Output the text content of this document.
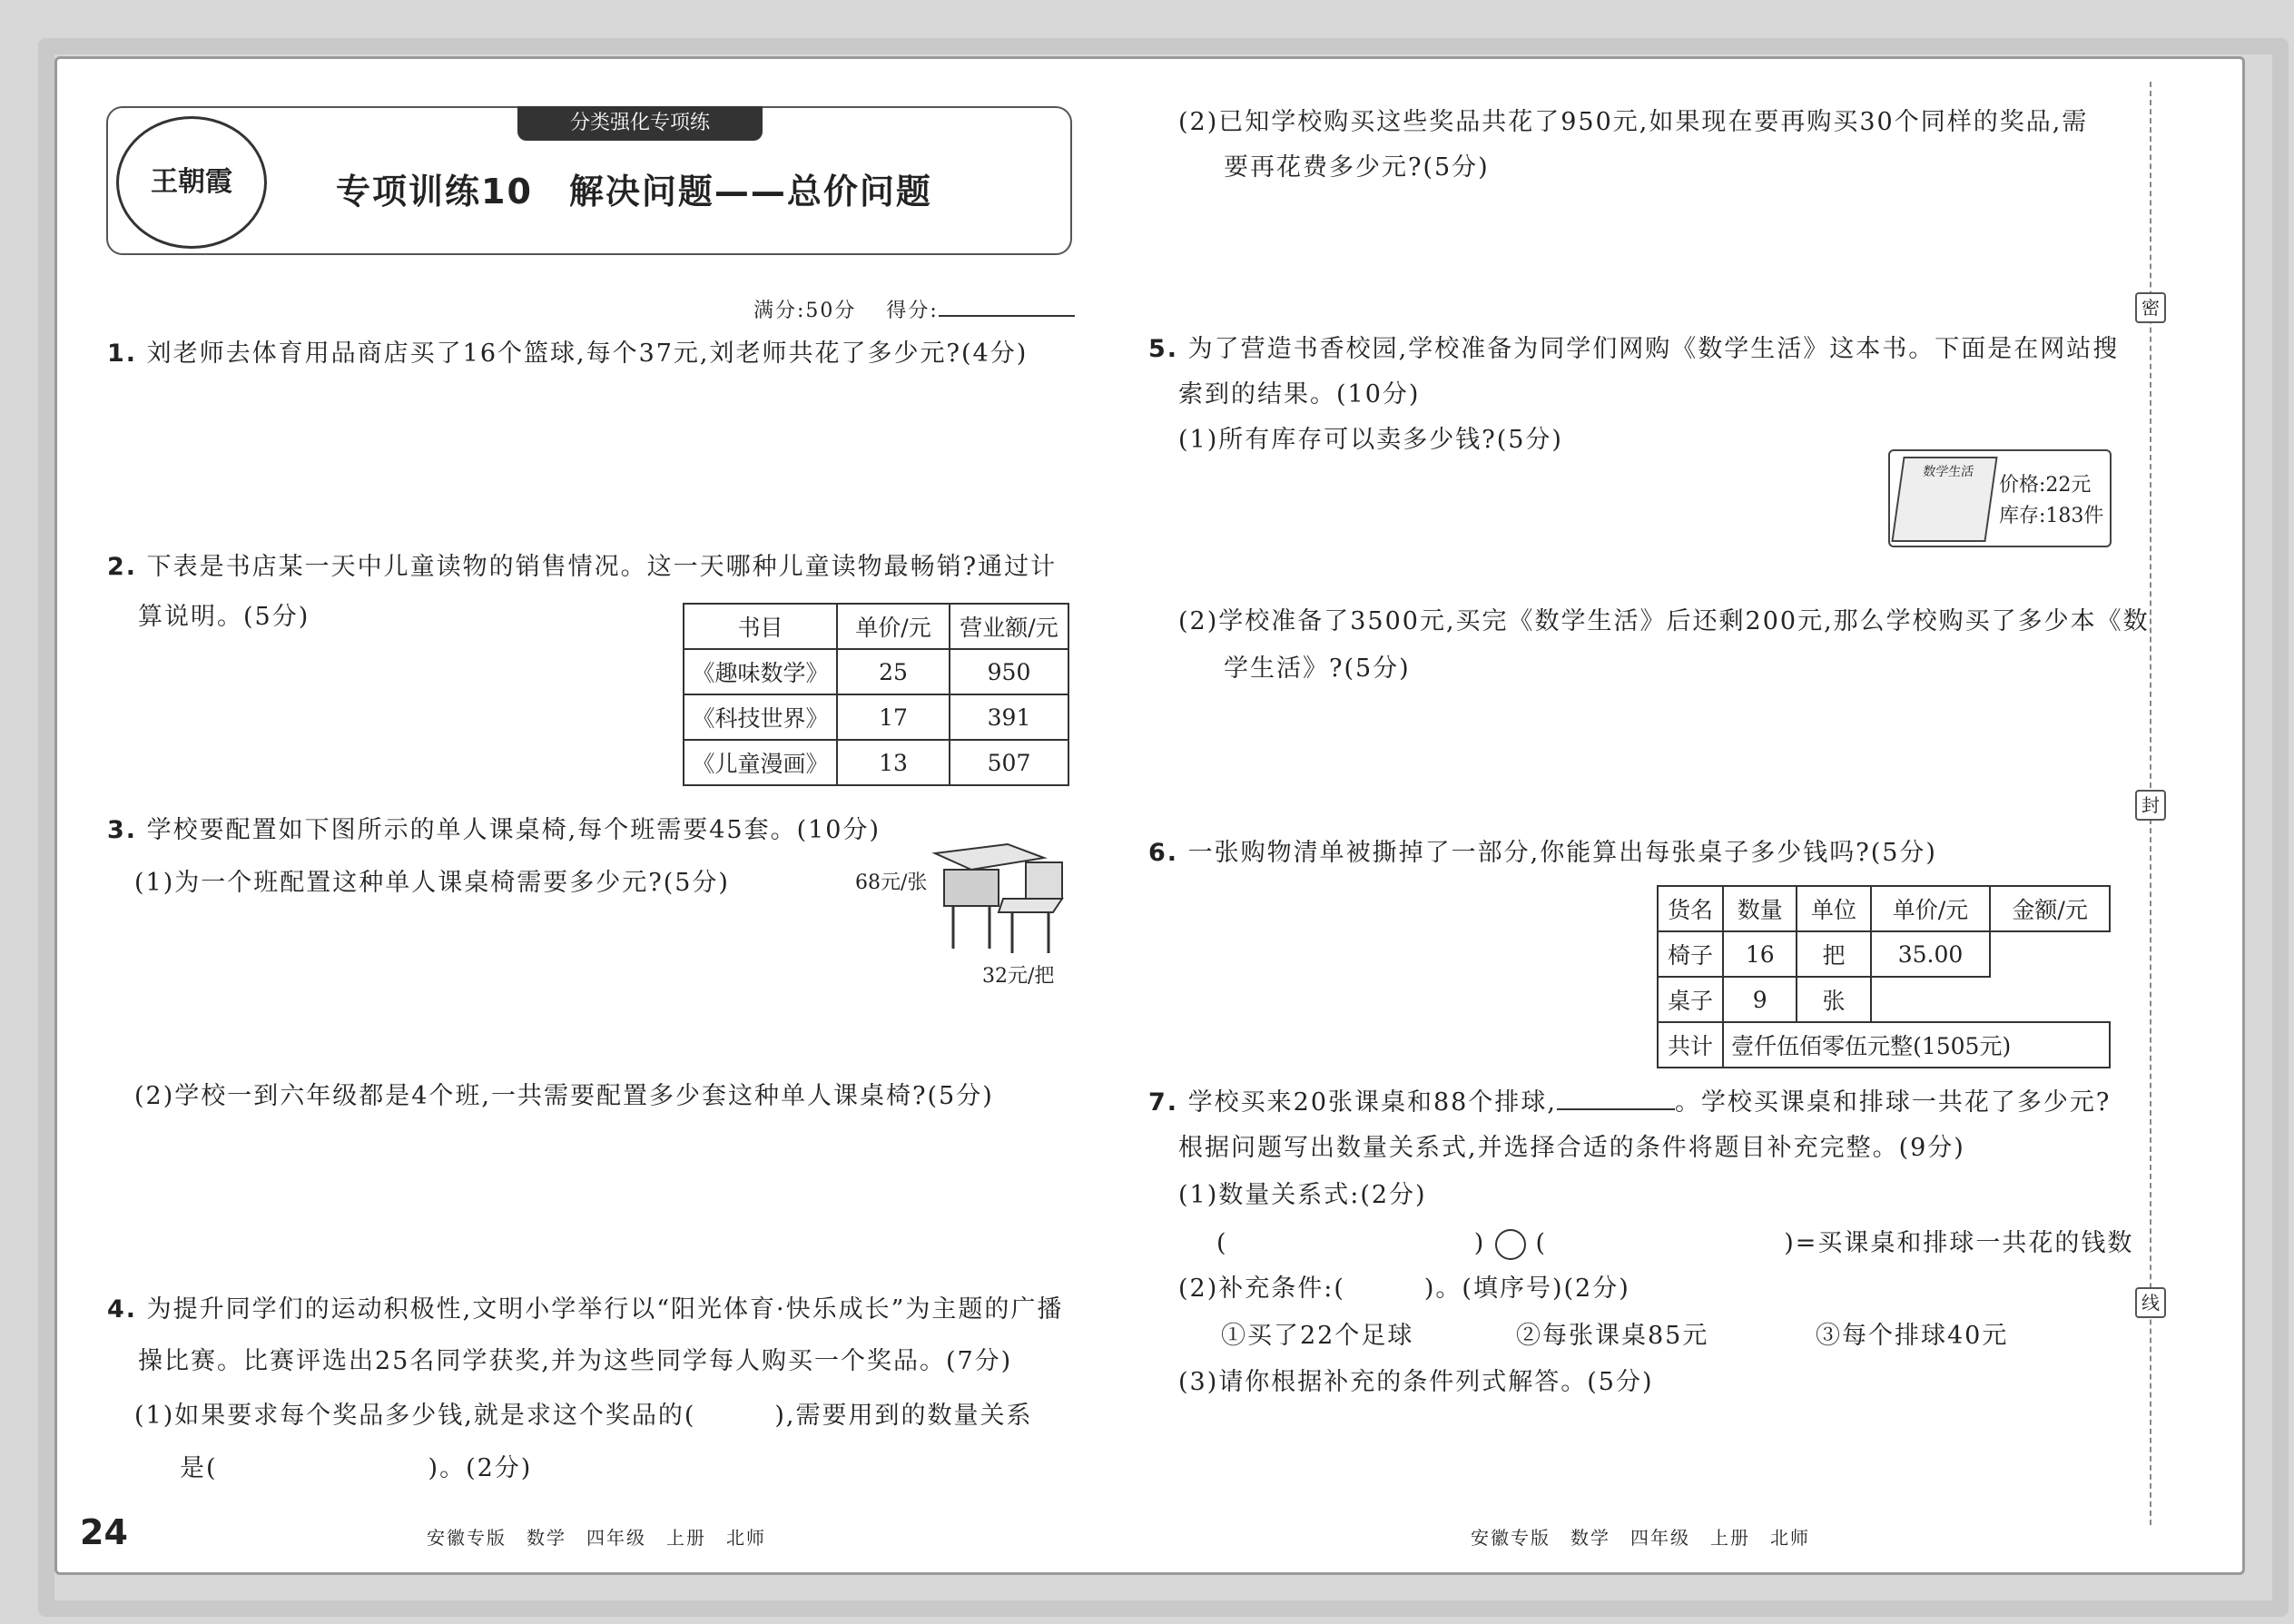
王朝霞
分类强化专项练
专项训练10　解决问题——总价问题
满分:50分　 得分:
1. 刘老师去体育用品商店买了16个篮球,每个37元,刘老师共花了多少元?(4分)
2. 下表是书店某一天中儿童读物的销售情况。这一天哪种儿童读物最畅销?通过计
算说明。(5分)	书目	单价/元	营业额/元
《趣味数学》	25	950
《科技世界》	17	391
《儿童漫画》	13	507
3. 学校要配置如下图所示的单人课桌椅,每个班需要45套。(10分)
(1)为一个班配置这种单人课桌椅需要多少元?(5分)	68元/张
32元/把
(2)学校一到六年级都是4个班,一共需要配置多少套这种单人课桌椅?(5分)
4. 为提升同学们的运动积极性,文明小学举行以“阳光体育·快乐成长”为主题的广播
操比赛。比赛评选出25名同学获奖,并为这些同学每人购买一个奖品。(7分)
(1)如果要求每个奖品多少钱,就是求这个奖品的(　　　),需要用到的数量关系
是(　　　　　　　　)。(2分)
(2)已知学校购买这些奖品共花了950元,如果现在要再购买30个同样的奖品,需
要再花费多少元?(5分)
5. 为了营造书香校园,学校准备为同学们网购《数学生活》这本书。下面是在网站搜
索到的结果。(10分)
(1)所有库存可以卖多少钱?(5分)
数学生活
价格:22元
库存:183件
(2)学校准备了3500元,买完《数学生活》后还剩200元,那么学校购买了多少本《数
学生活》?(5分)
6. 一张购物清单被撕掉了一部分,你能算出每张桌子多少钱吗?(5分)
货名	数量	单位	单价/元	金额/元
椅子	16	把	35.00	
桌子	9	张		
共计	壹仟伍佰零伍元整(1505元)			
7. 学校买来20张课桌和88个排球,	。学校买课桌和排球一共花了多少元?
根据问题写出数量关系式,并选择合适的条件将题目补充完整。(9分)
(1)数量关系式:(2分)
(	) (	)=买课桌和排球一共花的钱数
(2)补充条件:(　　　)。(填序号)(2分)
①买了22个足球	②每张课桌85元	③每个排球40元
(3)请你根据补充的条件列式解答。(5分)
密
封
线
24	安徽专版　数学　四年级　上册　北师	安徽专版　数学　四年级　上册　北师
